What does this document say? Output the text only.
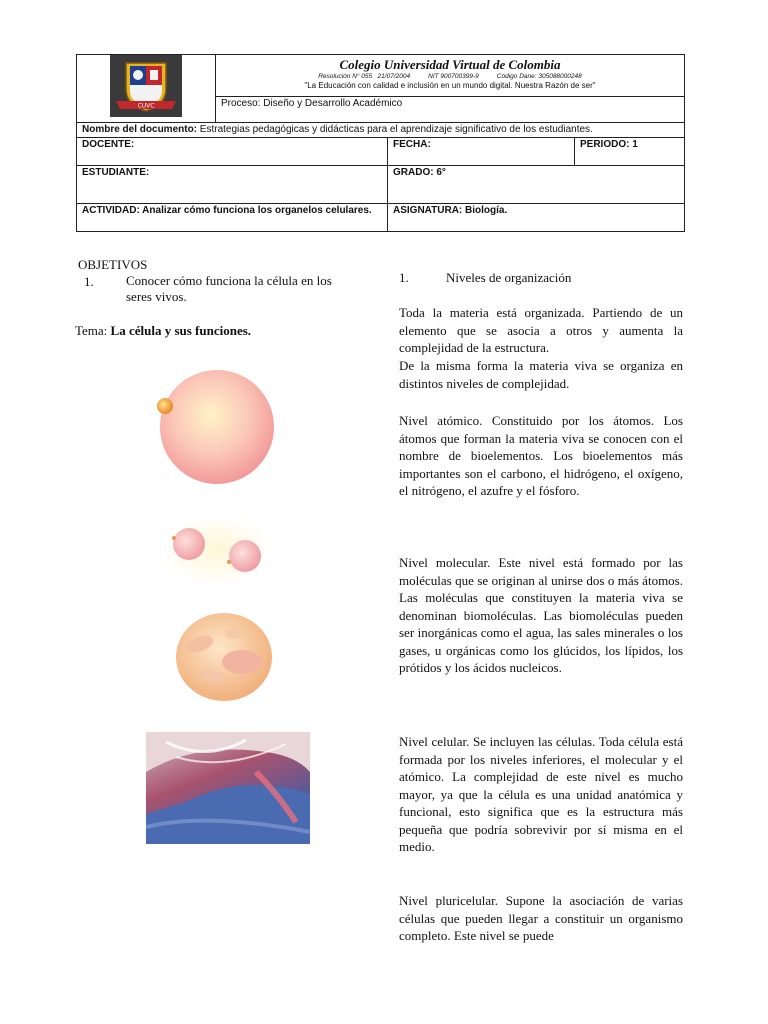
CUVC	Colegio Universidad Virtual de Colombia
Resolución N° 055   21/07/2004          NIT 900700399-9          Código Dane: 305088000248
"La Educación con calidad e inclusión en un mundo digital. Nuestra Razón de ser"		

	Proceso: Diseño y Desarrollo Académico		
Nombre del documento: Estrategias pedagógicas y didácticas para el aprendizaje significativo de los estudiantes.			
DOCENTE:		FECHA:	PERIODO: 1
ESTUDIANTE:		GRADO: 6°	
ACTIVIDAD: Analizar cómo funciona los organelos celulares.		ASIGNATURA: Biología.	
OBJETIVOS
1. Conocer cómo funciona la célula en los seres vivos.
Tema: La célula y sus funciones.
1.	Niveles de organización
Toda la materia está organizada. Partiendo de un elemento que se asocia a otros y aumenta la complejidad de la estructura.
De la misma forma la materia viva se organiza en distintos niveles de complejidad.
Nivel atómico. Constituido por los átomos. Los átomos que forman la materia viva se conocen con el nombre de bioelementos. Los bioelementos más importantes son el carbono, el hidrógeno, el oxígeno, el nitrógeno, el azufre y el fósforo.
Nivel molecular. Este nivel está formado por las moléculas que se originan al unirse dos o más átomos. Las moléculas que constituyen la materia viva se denominan biomoléculas. Las biomoléculas pueden ser inorgánicas como el agua, las sales minerales o los gases, u orgánicas como los glúcidos, los lípidos, los prótidos y los ácidos nucleicos.
Nivel celular. Se incluyen las células. Toda célula está formada por los niveles inferiores, el molecular y el atómico. La complejidad de este nivel es mucho mayor, ya que la célula es una unidad anatómica y funcional, esto significa que es la estructura más pequeña que podría sobrevivir por sí misma en el medio.
Nivel pluricelular. Supone la asociación de varias células que pueden llegar a constituir un organismo completo. Este nivel se puede
